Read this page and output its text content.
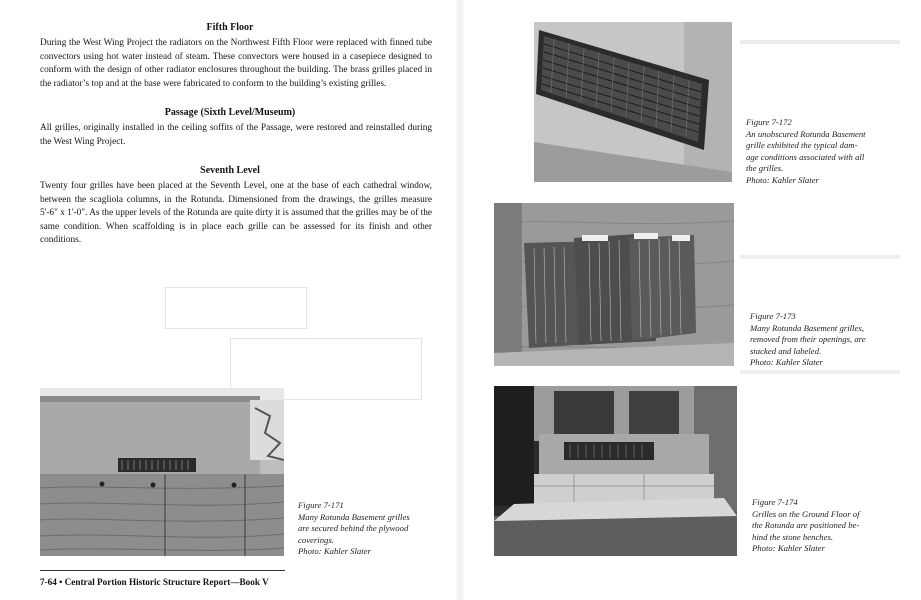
Fifth Floor
During the West Wing Project the radiators on the Northwest Fifth Floor were replaced with finned tube convectors using hot water instead of steam. These convectors were housed in a casepiece designed to conform with the design of other radiator enclosures throughout the building. The brass grilles placed in the radiator’s top and at the base were fabricated to conform to the building’s existing grilles.
Passage (Sixth Level/Museum)
All grilles, originally installed in the ceiling soffits of the Passage, were restored and reinstalled during the West Wing Project.
Seventh Level
Twenty four grilles have been placed at the Seventh Level, one at the base of each cathedral window, between the scagliola columns, in the Rotunda. Dimensioned from the drawings, the grilles measure 5'-6" x 1'-0". As the upper levels of the Rotunda are quite dirty it is assumed that the grilles may be of the same condition. When scaffolding is in place each grille can be assessed for its finish and other conditions.
Figure 7-171
Many Rotunda Basement grilles
are secured behind the plywood
coverings.
Photo: Kahler Slater
7-64 • Central Portion Historic Structure Report—Book V
Figure 7-172
An unobscured Rotunda Basement
grille exhibited the typical dam-
age conditions associated with all
the grilles.
Photo: Kahler Slater
Figure 7-173
Many Rotunda Basement grilles,
removed from their openings, are
stacked and labeled.
Photo: Kahler Slater
Figure 7-174
Grilles on the Ground Floor of
the Rotunda are positioned be-
hind the stone benches.
Photo: Kahler Slater
